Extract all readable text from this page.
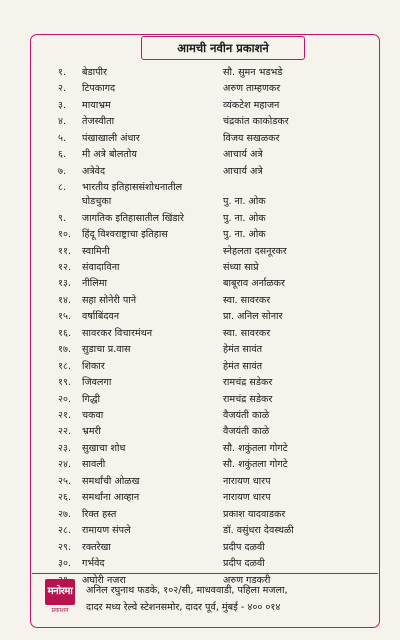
आमची नवीन प्रकाशने
१.	बेडापीर	सौ. सुमन भडभडे
२.	टिपकागद	अरुण ताम्हणकर
३.	मायाभ्रम	व्यंकटेश महाजन
४.	तेजस्वीता	चंद्रकांत काकोडकर
५.	पंखाखाली अंधार	विजय सखळकर
६.	मी अत्रे बोलतोय	आचार्य अत्रे
७.	अत्रेवेद	आचार्य अत्रे
८.	भारतीय इतिहाससंशोधनातील घोडचुका	पु. ना. ओक
९.	जागतिक इतिहासातील खिंडारे	पु. ना. ओक
१०.	हिंदू विश्वराष्ट्राचा इतिहास	पु. ना. ओक
११.	स्वामिनी	स्नेहलता दसनूरकर
१२.	संवादाविना	संध्या साप्रे
१३.	नीलिमा	बाबूराव अर्नाळकर
१४.	सहा सोनेरी पाने	स्वा. सावरकर
१५.	वर्षाबिंदवन	प्रा. अनिल सोनार
१६.	सावरकर विचारमंथन	स्वा. सावरकर
१७.	सुडाचा प्र.वास	हेमंत सावंत
१८.	शिकार	हेमंत सावंत
१९.	जिवलगा	रामचंद्र सडेकर
२०.	गिद्धी	रामचंद्र सडेकर
२१.	चकवा	वैजयंती काळे
२२.	भ्रमरी	वैजयंती काळे
२३.	सुखाचा शोध	सौ. शकुंतला गोगटे
२४.	सावली	सौ. शकुंतला गोगटे
२५.	समर्थांची ओळख	नारायण धारप
२६.	समर्थांना आव्हान	नारायण धारप
२७.	रिक्त हस्त	प्रकाश यादवाडकर
२८.	रामायण संपले	डॉ. वसुंधरा देवस्थळी
२९.	रक्तरेखा	प्रदीप दळवी
३०.	गर्भवेद	प्रदीप दळवी
अघोरी नजरा	अरुण गडकरी
मनोरमा
प्रकाशन
अनिल रघुनाथ फडके, १०२/सी, माधववाडी, पहिला मजला,
दादर मध्य रेल्वे स्टेशनसमोर, दादर पूर्व, मुंबई - ४०० ०१४
